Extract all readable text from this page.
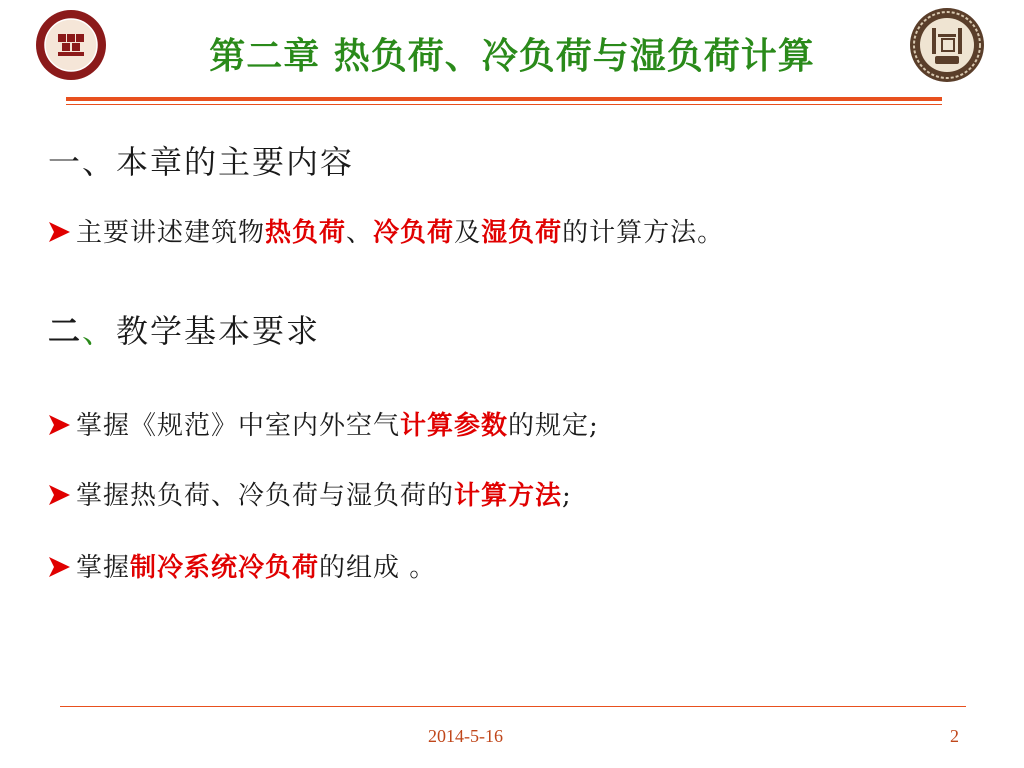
第二章 热负荷、冷负荷与湿负荷计算
一、本章的主要内容
主要讲述建筑物热负荷、冷负荷及湿负荷的计算方法。
二、教学基本要求
掌握《规范》中室内外空气计算参数的规定;
掌握热负荷、冷负荷与湿负荷的计算方法;
掌握制冷系统冷负荷的组成 。
2014-5-16	2
